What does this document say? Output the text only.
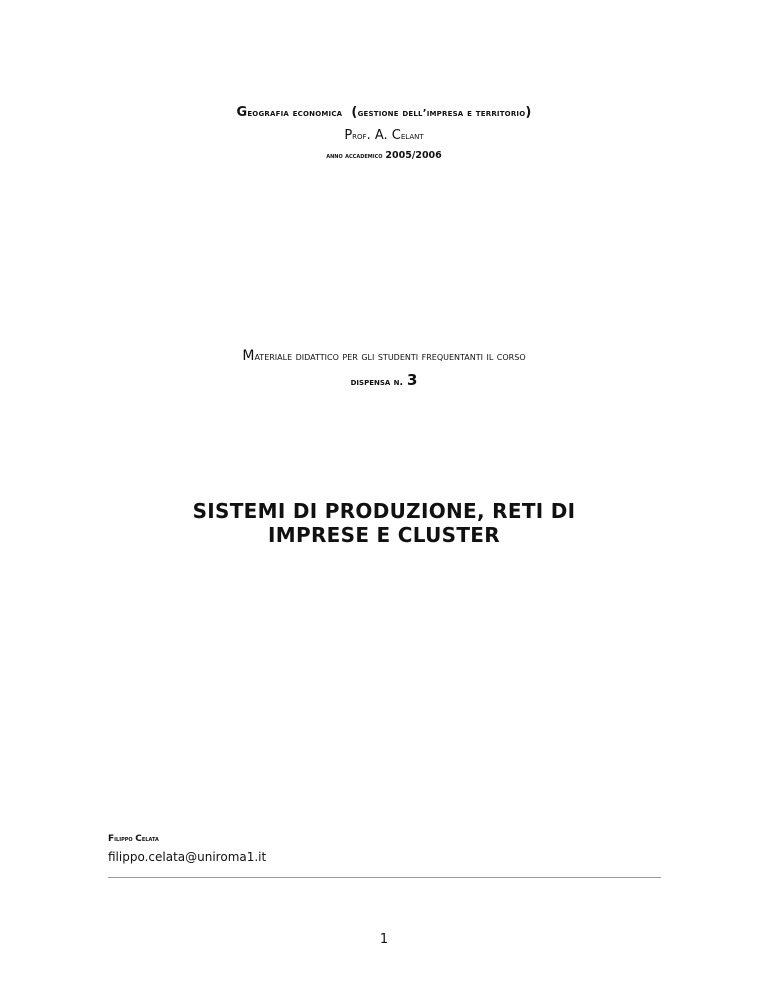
Geografia economica (gestione dell’impresa e territorio)
Prof. A. Celant
anno accademico 2005/2006
Materiale didattico per gli studenti frequentanti il corso
dispensa n. 3
SISTEMI DI PRODUZIONE, RETI DI
IMPRESE E CLUSTER
Filippo Celata
filippo.celata@uniroma1.it
1
